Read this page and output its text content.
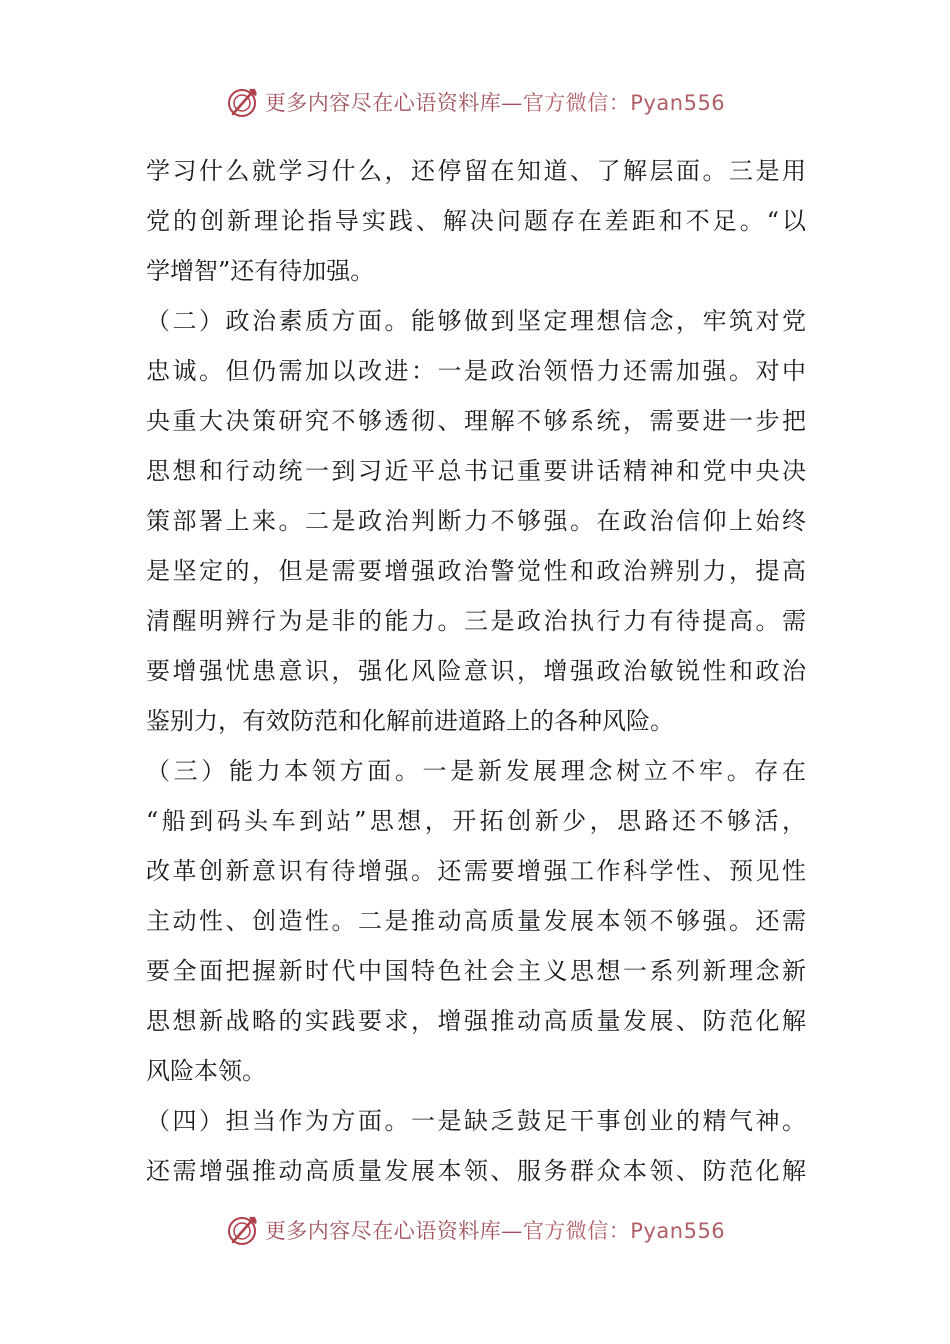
更多内容尽在心语资料库—官方微信：Pyan556
学习什么就学习什么，还停留在知道、了解层面。三是用
党的创新理论指导实践、解决问题存在差距和不足。“以
学增智”还有待加强。
（二）政治素质方面。能够做到坚定理想信念，牢筑对党
忠诚。但仍需加以改进：一是政治领悟力还需加强。对中
央重大决策研究不够透彻、理解不够系统，需要进一步把
思想和行动统一到习近平总书记重要讲话精神和党中央决
策部署上来。二是政治判断力不够强。在政治信仰上始终
是坚定的，但是需要增强政治警觉性和政治辨别力，提高
清醒明辨行为是非的能力。三是政治执行力有待提高。需
要增强忧患意识，强化风险意识，增强政治敏锐性和政治
鉴别力，有效防范和化解前进道路上的各种风险。
（三）能力本领方面。一是新发展理念树立不牢。存在
“船到码头车到站”思想，开拓创新少，思路还不够活，
改革创新意识有待增强。还需要增强工作科学性、预见性
主动性、创造性。二是推动高质量发展本领不够强。还需
要全面把握新时代中国特色社会主义思想一系列新理念新
思想新战略的实践要求，增强推动高质量发展、防范化解
风险本领。
（四）担当作为方面。一是缺乏鼓足干事创业的精气神。
还需增强推动高质量发展本领、服务群众本领、防范化解
更多内容尽在心语资料库—官方微信：Pyan556
